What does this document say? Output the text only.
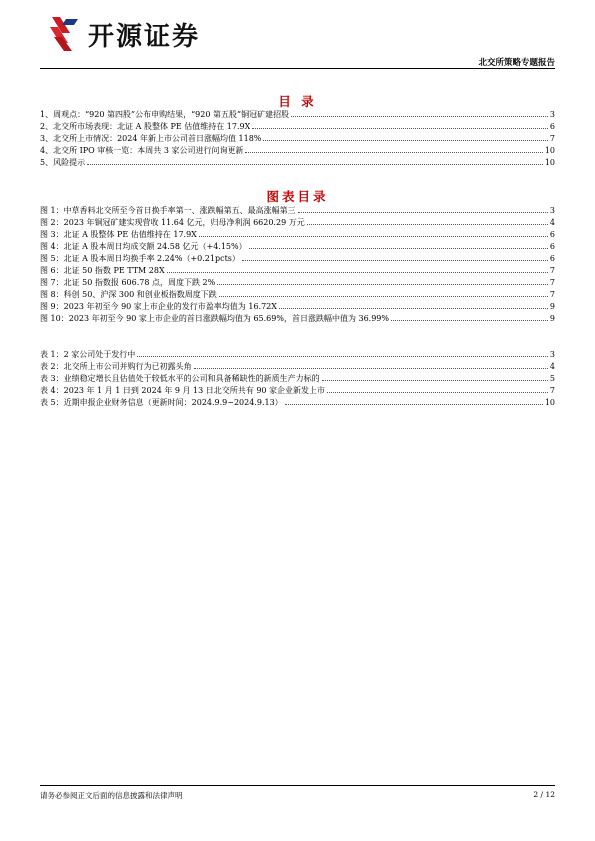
开源证券
北交所策略专题报告
目 录
1、 周观点：“920 第四股”公布申购结果，“920 第五股”铜冠矿建招股	3
2、 北交所市场表现：北证 A 股整体 PE 估值维持在 17.9X	6
3、 北交所上市情况：2024 年新上市公司首日涨幅均值 118%	7
4、 北交所 IPO 审核一览：本周共 3 家公司进行问询更新	10
5、 风险提示	10
图表目录
图 1： 中草香料北交所至今首日换手率第一、涨跌幅第五、最高涨幅第三	3
图 2： 2023 年铜冠矿建实现营收 11.64 亿元，归母净利润 6620.29 万元	4
图 3： 北证 A 股整体 PE 估值维持在 17.9X	6
图 4： 北证 A 股本周日均成交额 24.58 亿元（+4.15%）	6
图 5： 北证 A 股本周日均换手率 2.24%（+0.21pcts）	6
图 6： 北证 50 指数 PE TTM 28X	7
图 7： 北证 50 指数报 606.78 点，周度下跌 2%	7
图 8： 科创 50、沪深 300 和创业板指数周度下跌	7
图 9： 2023 年初至今 90 家上市企业的发行市盈率均值为 16.72X	9
图 10： 2023 年初至今 90 家上市企业的首日涨跌幅均值为 65.69%，首日涨跌幅中值为 36.99%	9
表 1： 2 家公司处于发行中	3
表 2： 北交所上市公司并购行为已初露头角	4
表 3： 业绩稳定增长且估值处于较低水平的公司和具备稀缺性的新质生产力标的	5
表 4： 2023 年 1 月 1 日到 2024 年 9 月 13 日北交所共有 90 家企业新发上市	7
表 5： 近期申报企业财务信息（更新时间：2024.9.9~2024.9.13）	10
请务必参阅正文后面的信息披露和法律声明	2 / 12
